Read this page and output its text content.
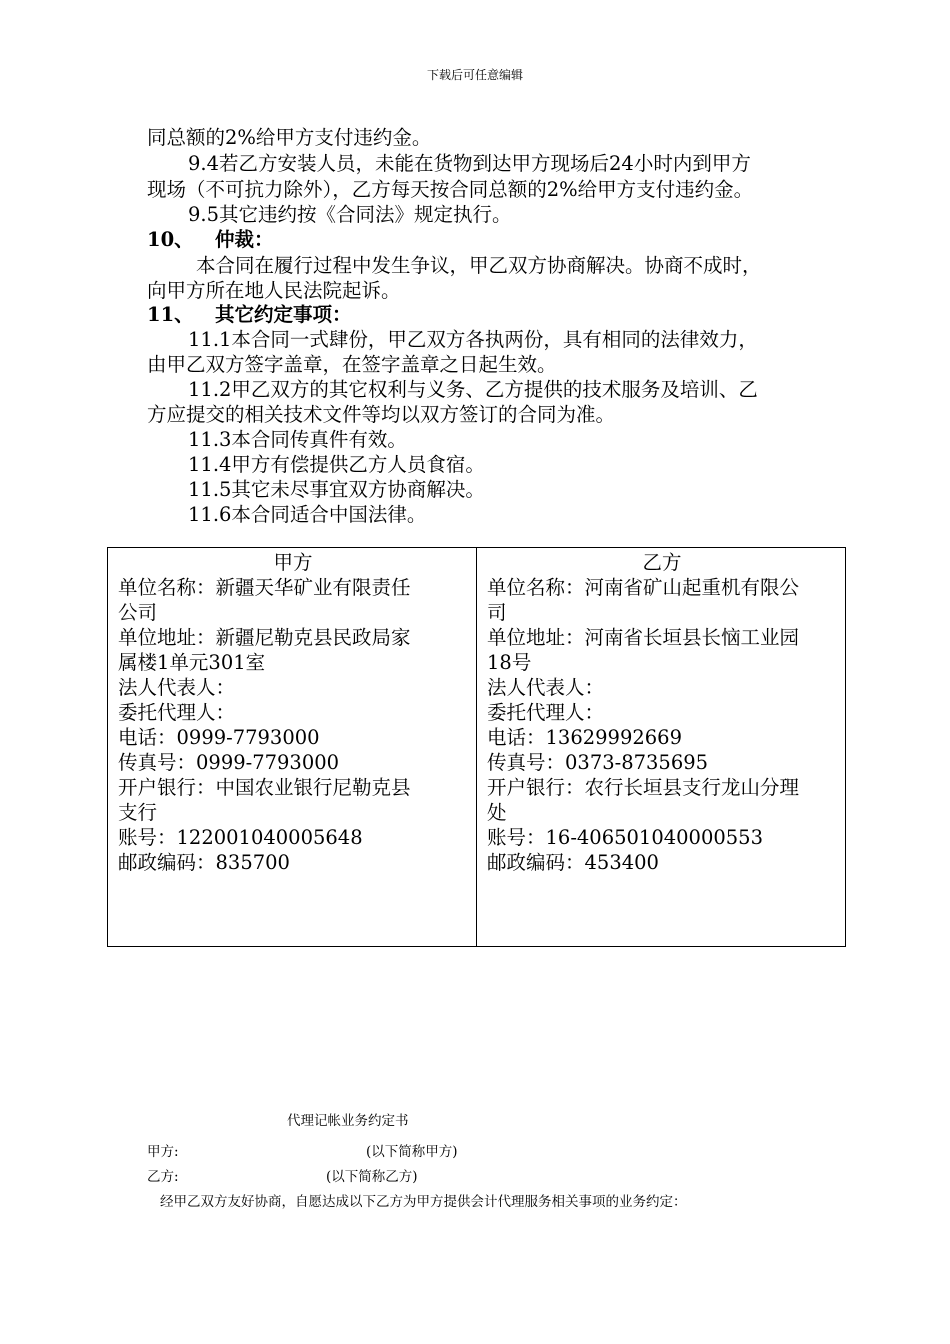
下载后可任意编辑
同总额的2%给甲方支付违约金。
9.4若乙方安装人员，未能在货物到达甲方现场后24小时内到甲方
现场（不可抗力除外），乙方每天按合同总额的2%给甲方支付违约金。
9.5其它违约按《合同法》规定执行。
10、 仲裁：
本合同在履行过程中发生争议，甲乙双方协商解决。协商不成时，
向甲方所在地人民法院起诉。
11、 其它约定事项：
11.1本合同一式肆份，甲乙双方各执两份，具有相同的法律效力，
由甲乙双方签字盖章，在签字盖章之日起生效。
11.2甲乙双方的其它权利与义务、乙方提供的技术服务及培训、乙
方应提交的相关技术文件等均以双方签订的合同为准。
11.3本合同传真件有效。
11.4甲方有偿提供乙方人员食宿。
11.5其它未尽事宜双方协商解决。
11.6本合同适合中国法律。
甲方
单位名称：新疆天华矿业有限责任
公司
单位地址：新疆尼勒克县民政局家
属楼1单元301室
法人代表人：
委托代理人：
电话：0999-7793000
传真号：0999-7793000
开户银行：中国农业银行尼勒克县
支行
账号：122001040005648
邮政编码：835700

乙方
单位名称：河南省矿山起重机有限公
司
单位地址：河南省长垣县长恼工业园
18号
法人代表人：
委托代理人：
电话：13629992669
传真号：0373-8735695
开户银行：农行长垣县支行龙山分理
处
账号：16-406501040000553
邮政编码：453400
代理记帐业务约定书
甲方:	(以下简称甲方)
乙方:	(以下简称乙方)
经甲乙双方友好协商，自愿达成以下乙方为甲方提供会计代理服务相关事项的业务约定：
